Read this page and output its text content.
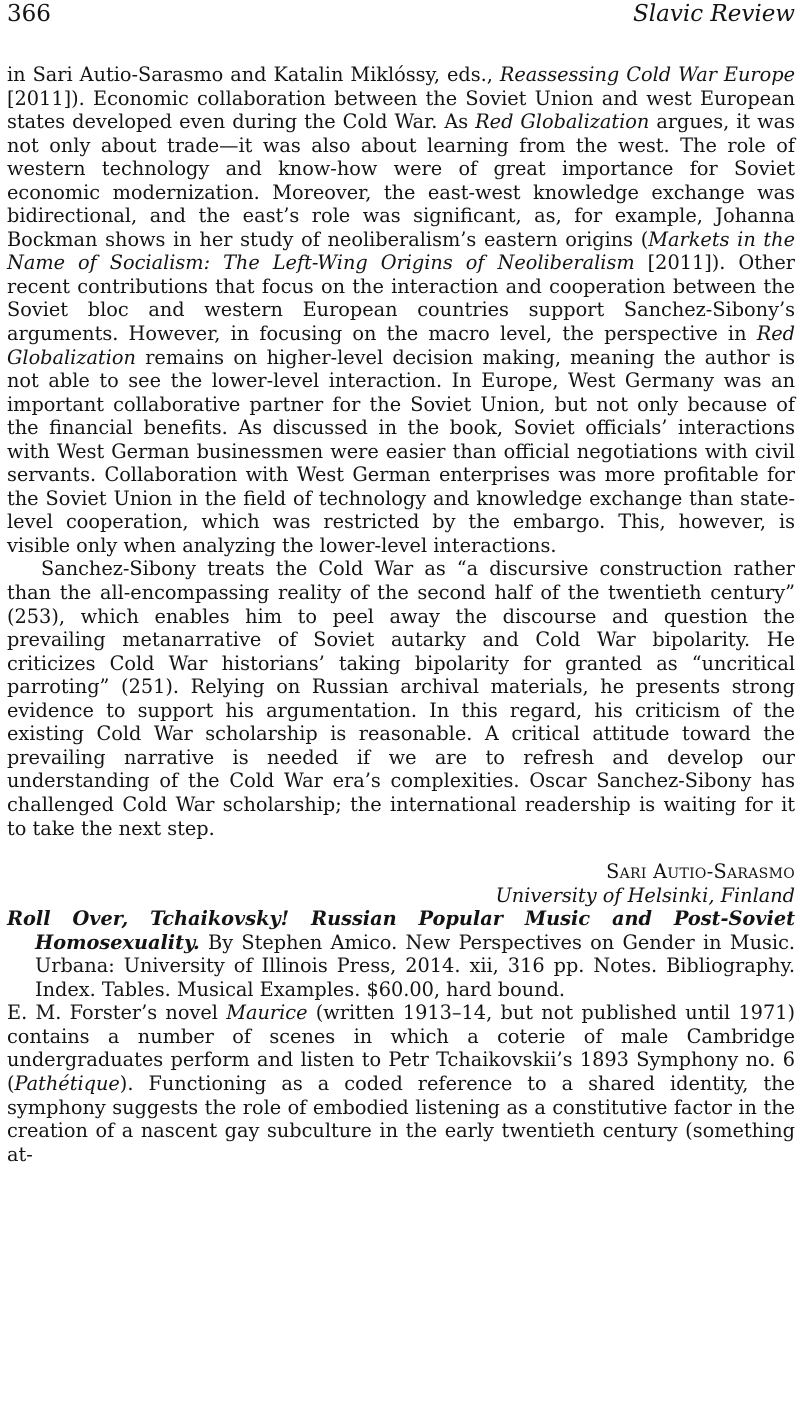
366	Slavic Review

in Sari Autio-Sarasmo and Katalin Miklóssy, eds., Reassessing Cold War Europe [2011]). Economic collaboration between the Soviet Union and west European states developed even during the Cold War. As Red Globalization argues, it was not only about trade—it was also about learning from the west. The role of western technology and know-how were of great importance for Soviet economic modernization. Moreover, the east-west knowledge exchange was bidirectional, and the east’s role was significant, as, for example, Johanna Bockman shows in her study of neoliberalism’s eastern origins (Markets in the Name of Socialism: The Left-Wing Origins of Neoliberalism [2011]). Other recent contributions that focus on the interaction and cooperation between the Soviet bloc and western European countries support Sanchez-Sibony’s arguments. However, in focusing on the macro level, the perspective in Red Globalization remains on higher-level decision making, meaning the author is not able to see the lower-level interaction. In Europe, West Germany was an important collaborative partner for the Soviet Union, but not only because of the financial benefits. As discussed in the book, Soviet officials’ interactions with West German businessmen were easier than official negotiations with civil servants. Collaboration with West German enterprises was more profitable for the Soviet Union in the field of technology and knowledge exchange than state-level cooperation, which was restricted by the embargo. This, however, is visible only when analyzing the lower-level interactions.

Sanchez-Sibony treats the Cold War as “a discursive construction rather than the all-encompassing reality of the second half of the twentieth century” (253), which enables him to peel away the discourse and question the prevailing metanarrative of Soviet autarky and Cold War bipolarity. He criticizes Cold War historians’ taking bipolarity for granted as “uncritical parroting” (251). Relying on Russian archival materials, he presents strong evidence to support his argumentation. In this regard, his criticism of the existing Cold War scholarship is reasonable. A critical attitude toward the prevailing narrative is needed if we are to refresh and develop our understanding of the Cold War era’s complexities. Oscar Sanchez-Sibony has challenged Cold War scholarship; the international readership is waiting for it to take the next step.

Sari Autio-Sarasmo

University of Helsinki, Finland

Roll Over, Tchaikovsky! Russian Popular Music and Post-Soviet Homosexuality. By Stephen Amico. New Perspectives on Gender in Music. Urbana: University of Illinois Press, 2014. xii, 316 pp. Notes. Bibliography. Index. Tables. Musical Examples. $60.00, hard bound.

E. M. Forster’s novel Maurice (written 1913–14, but not published until 1971) contains a number of scenes in which a coterie of male Cambridge undergraduates perform and listen to Petr Tchaikovskii’s 1893 Symphony no. 6 (Pathétique). Functioning as a coded reference to a shared identity, the symphony suggests the role of embodied listening as a constitutive factor in the creation of a nascent gay subculture in the early twentieth century (something at-
